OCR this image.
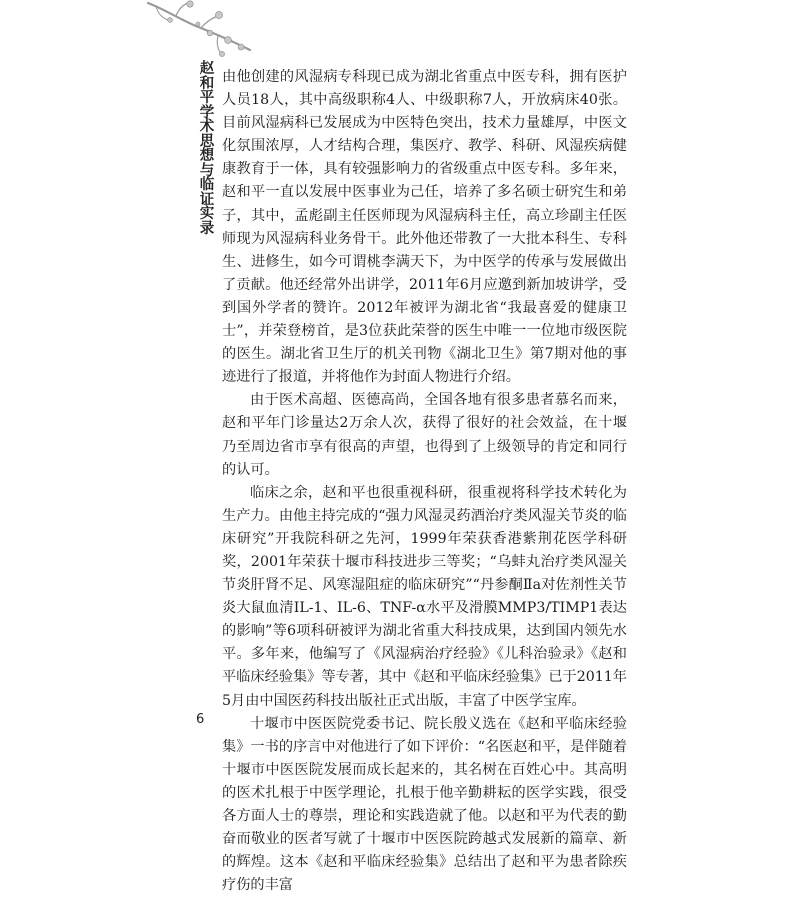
赵和平学术思想与临证实录

由他创建的风湿病专科现已成为湖北省重点中医专科，拥有医护人员18人，其中高级职称4人、中级职称7人，开放病床40张。目前风湿病科已发展成为中医特色突出，技术力量雄厚，中医文化氛围浓厚，人才结构合理，集医疗、教学、科研、风湿疾病健康教育于一体，具有较强影响力的省级重点中医专科。多年来，赵和平一直以发展中医事业为己任，培养了多名硕士研究生和弟子，其中，孟彪副主任医师现为风湿病科主任，高立珍副主任医师现为风湿病科业务骨干。此外他还带教了一大批本科生、专科生、进修生，如今可谓桃李满天下，为中医学的传承与发展做出了贡献。他还经常外出讲学，2011年6月应邀到新加坡讲学，受到国外学者的赞许。2012年被评为湖北省“我最喜爱的健康卫士”，并荣登榜首，是3位获此荣誉的医生中唯一一位地市级医院的医生。湖北省卫生厅的机关刊物《湖北卫生》第7期对他的事迹进行了报道，并将他作为封面人物进行介绍。

由于医术高超、医德高尚，全国各地有很多患者慕名而来，赵和平年门诊量达2万余人次，获得了很好的社会效益，在十堰乃至周边省市享有很高的声望，也得到了上级领导的肯定和同行的认可。

临床之余，赵和平也很重视科研，很重视将科学技术转化为生产力。由他主持完成的“强力风湿灵药酒治疗类风湿关节炎的临床研究”开我院科研之先河，1999年荣获香港紫荆花医学科研奖，2001年荣获十堰市科技进步三等奖；“乌蚌丸治疗类风湿关节炎肝肾不足、风寒湿阻症的临床研究”“丹参酮Ⅱa对佐剂性关节炎大鼠血清IL-1、IL-6、TNF-α水平及滑膜MMP3/TIMP1表达的影响”等6项科研被评为湖北省重大科技成果，达到国内领先水平。多年来，他编写了《风湿病治疗经验》《儿科治验录》《赵和平临床经验集》等专著，其中《赵和平临床经验集》已于2011年5月由中国医药科技出版社正式出版，丰富了中医学宝库。

十堰市中医医院党委书记、院长殷义选在《赵和平临床经验集》一书的序言中对他进行了如下评价：“名医赵和平，是伴随着十堰市中医医院发展而成长起来的，其名树在百姓心中。其高明的医术扎根于中医学理论，扎根于他辛勤耕耘的医学实践，很受各方面人士的尊崇，理论和实践造就了他。以赵和平为代表的勤奋而敬业的医者写就了十堰市中医医院跨越式发展新的篇章、新的辉煌。这本《赵和平临床经验集》总结出了赵和平为患者除疾疗伤的丰富

6
